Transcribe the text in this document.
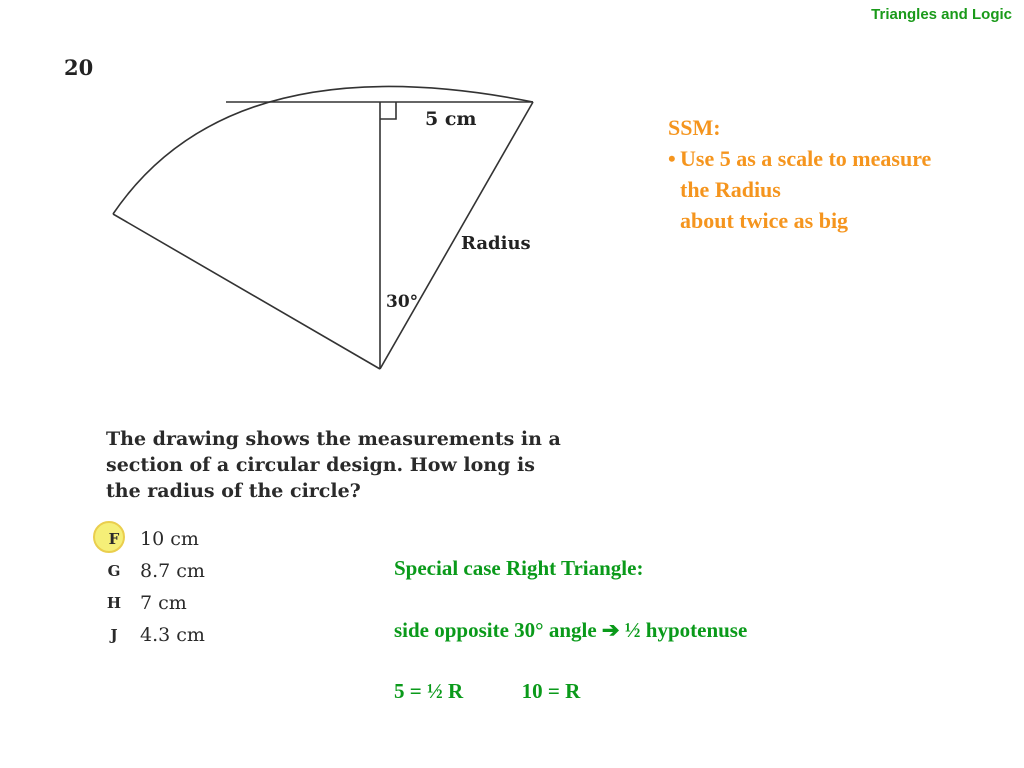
Triangles and Logic
20
5 cm
Radius
30°
The drawing shows the measurements in a section of a circular design. How long is the radius of the circle?
F	10 cm
G	8.7 cm
H 7 cm
J	4.3 cm
SSM:
• Use 5 as a scale to measure
the Radius
about twice as big
Special case Right Triangle:
side opposite 30° angle ➔ ½ hypotenuse
5 = ½ R	10 = R
